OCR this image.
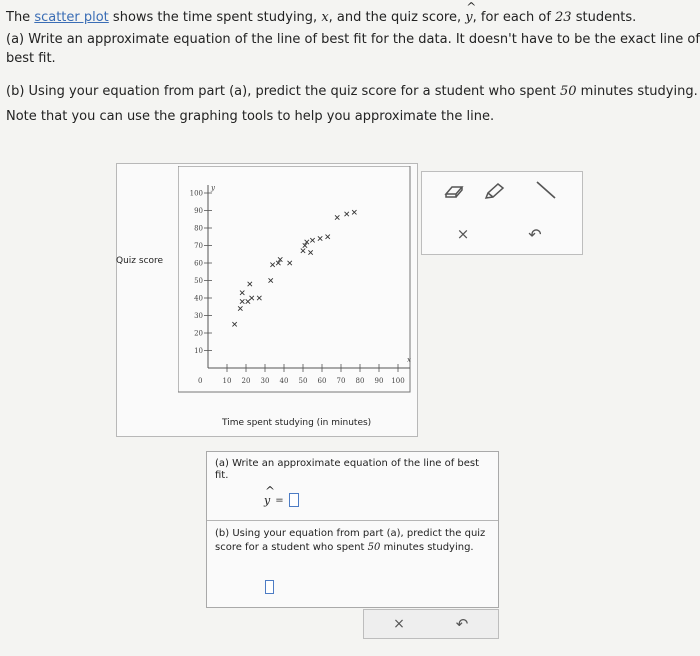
The scatter plot shows the time spent studying, x, and the quiz score, ^ y, for each of 23 students.

(a) Write an approximate equation of the line of best fit for the data. It doesn't have to be the exact line of best fit.

(b) Using your equation from part (a), predict the quiz score for a student who spent 50 minutes studying.

Note that you can use the graphing tools to help you approximate the line.

Quiz score
x
y
0
10
20
30
40
50
60
70
80
90
100
10 20 30 40 50 60 70 80 90 100
Time spent studying (in minutes)
×	↶
(a) Write an approximate equation of the line of best fit.
^ y =
(b) Using your equation from part (a), predict the quiz score for a student who spent 50 minutes studying.
×	↶
